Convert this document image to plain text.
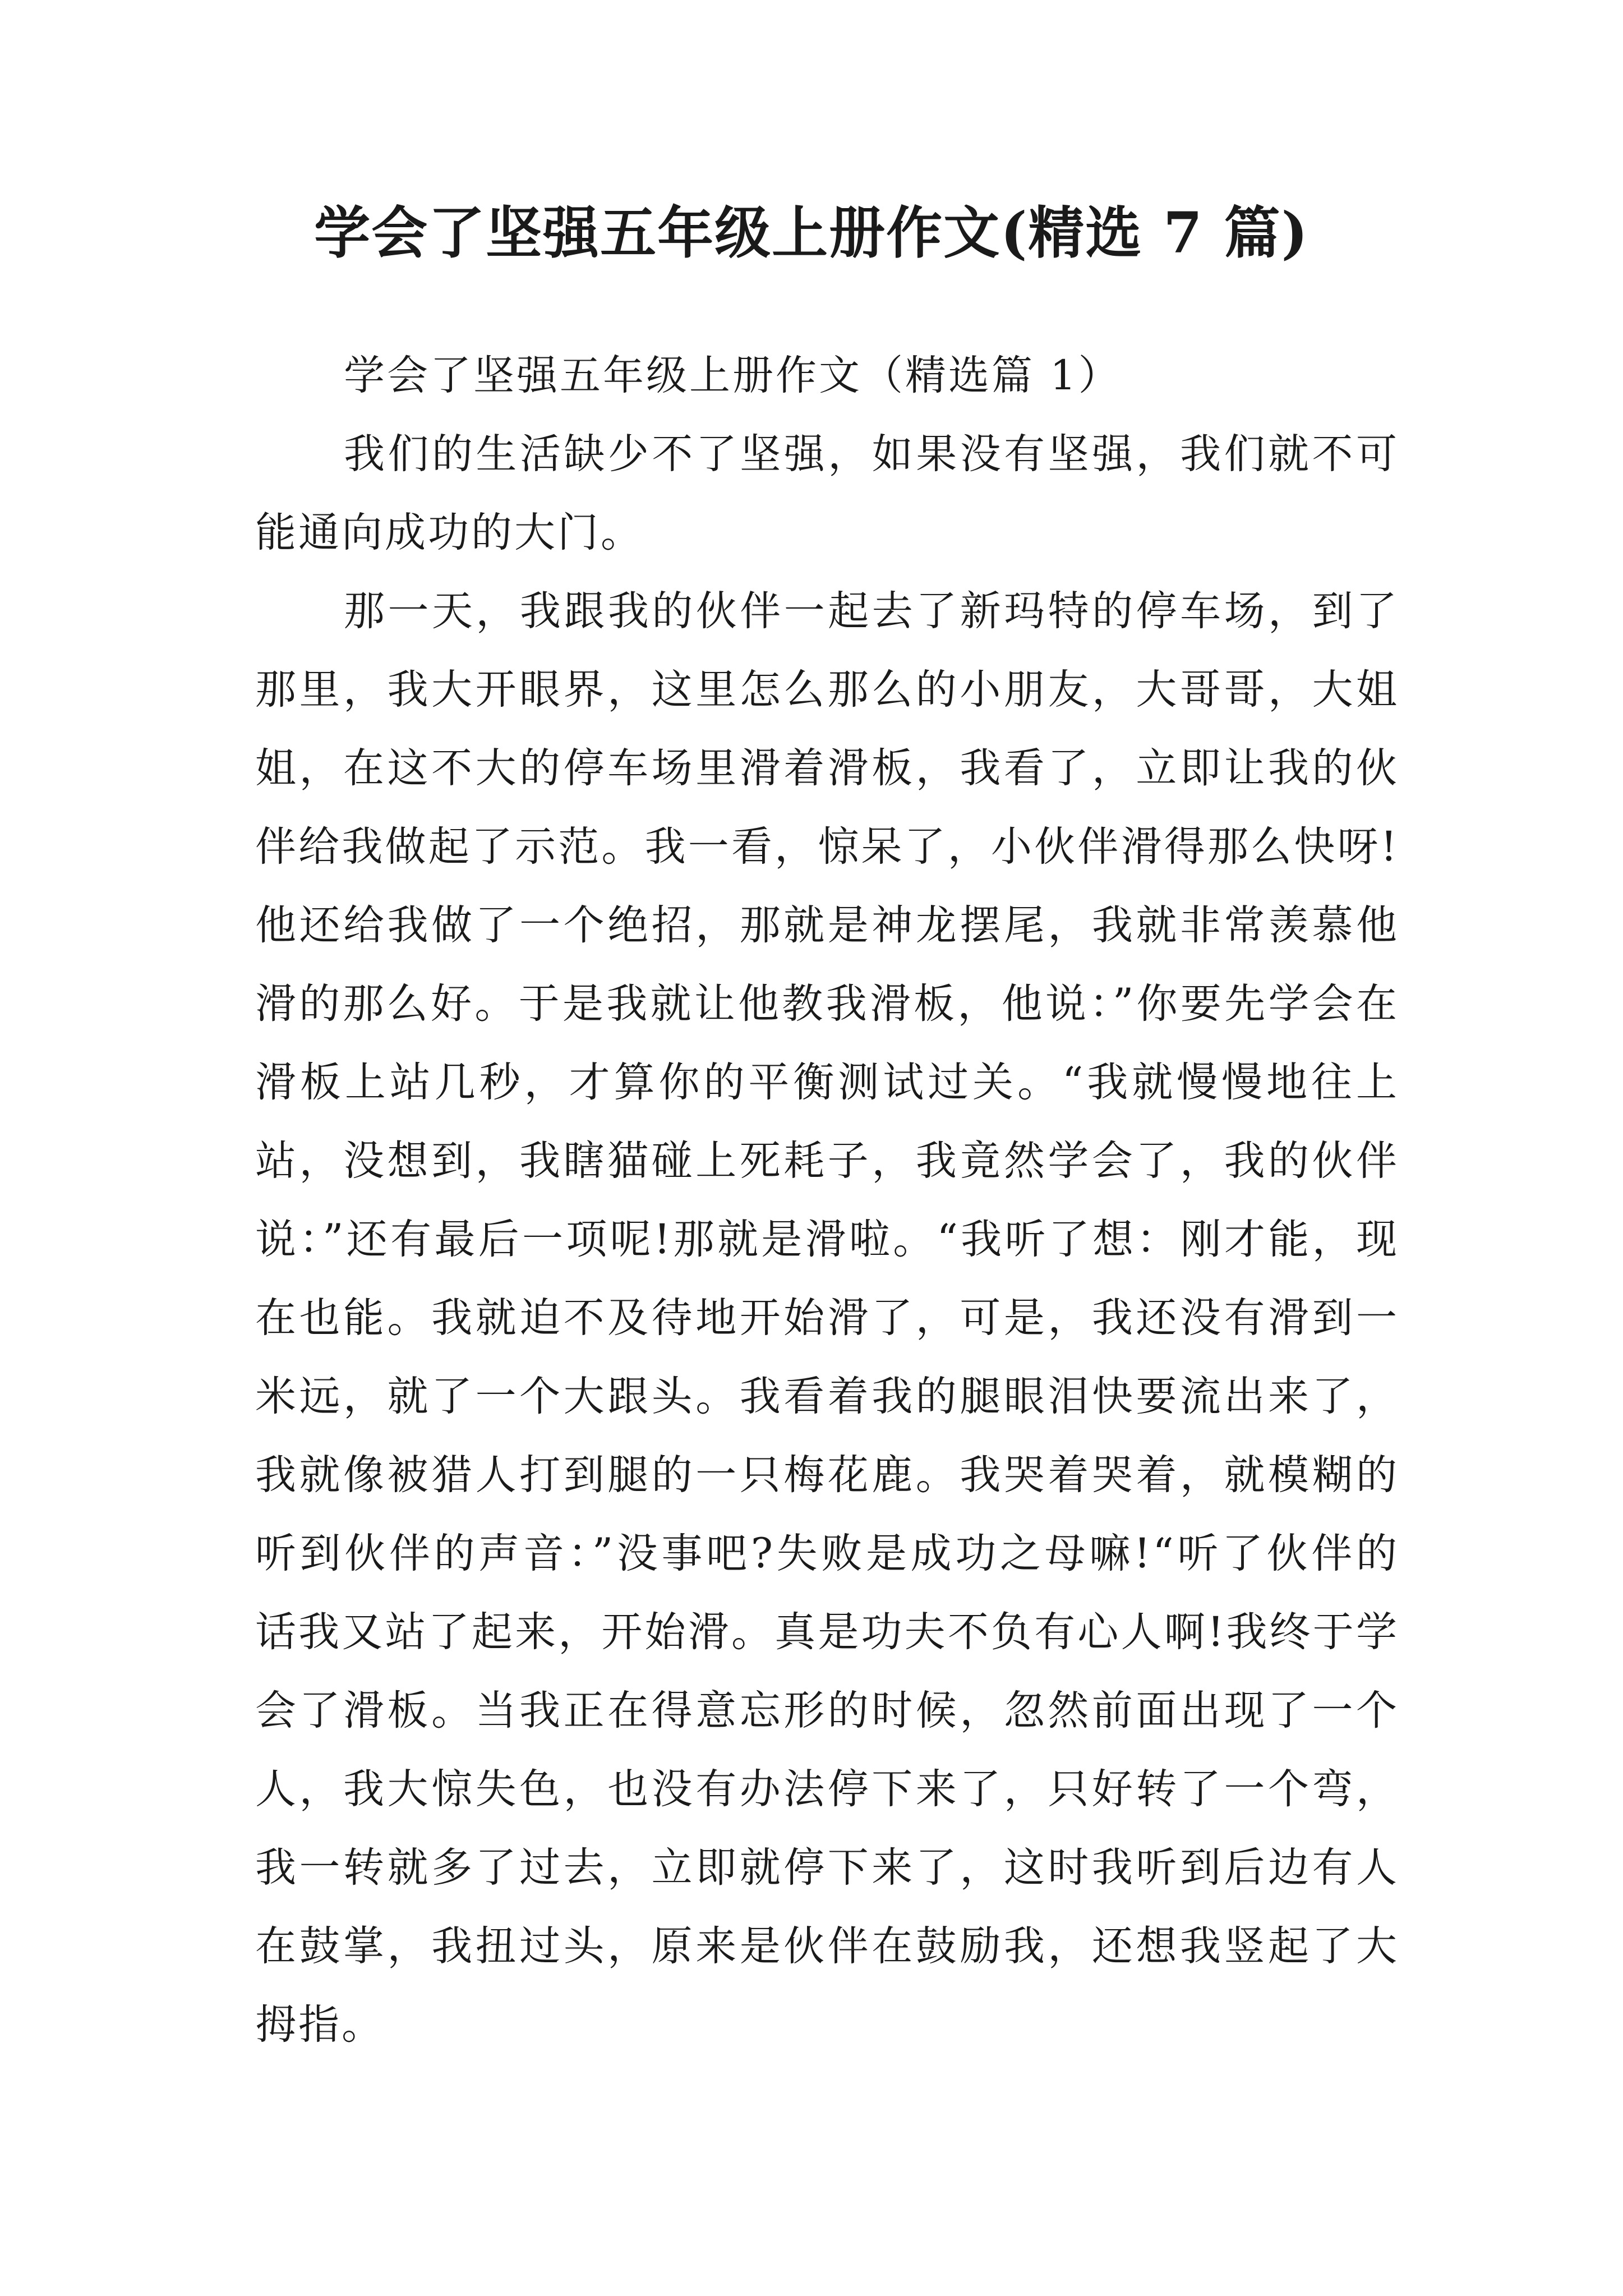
学会了坚强五年级上册作文(精选 7 篇)

学会了坚强五年级上册作文（精选篇 1）

我们的生活缺少不了坚强，如果没有坚强，我们就不可能通向成功的大门。

那一天，我跟我的伙伴一起去了新玛特的停车场，到了那里，我大开眼界，这里怎么那么的小朋友，大哥哥，大姐姐，在这不大的停车场里滑着滑板，我看了，立即让我的伙伴给我做起了示范。我一看，惊呆了，小伙伴滑得那么快呀!他还给我做了一个绝招，那就是神龙摆尾，我就非常羡慕他滑的那么好。于是我就让他教我滑板，他说：”你要先学会在滑板上站几秒，才算你的平衡测试过关。“我就慢慢地往上站，没想到，我瞎猫碰上死耗子，我竟然学会了，我的伙伴说：”还有最后一项呢!那就是滑啦。“我听了想：刚才能，现在也能。我就迫不及待地开始滑了，可是，我还没有滑到一米远，就了一个大跟头。我看着我的腿眼泪快要流出来了，我就像被猎人打到腿的一只梅花鹿。我哭着哭着，就模糊的听到伙伴的声音：”没事吧?失败是成功之母嘛!“听了伙伴的话我又站了起来，开始滑。真是功夫不负有心人啊!我终于学会了滑板。当我正在得意忘形的时候，忽然前面出现了一个人，我大惊失色，也没有办法停下来了，只好转了一个弯，我一转就多了过去，立即就停下来了，这时我听到后边有人在鼓掌，我扭过头，原来是伙伴在鼓励我，还想我竖起了大拇指。
